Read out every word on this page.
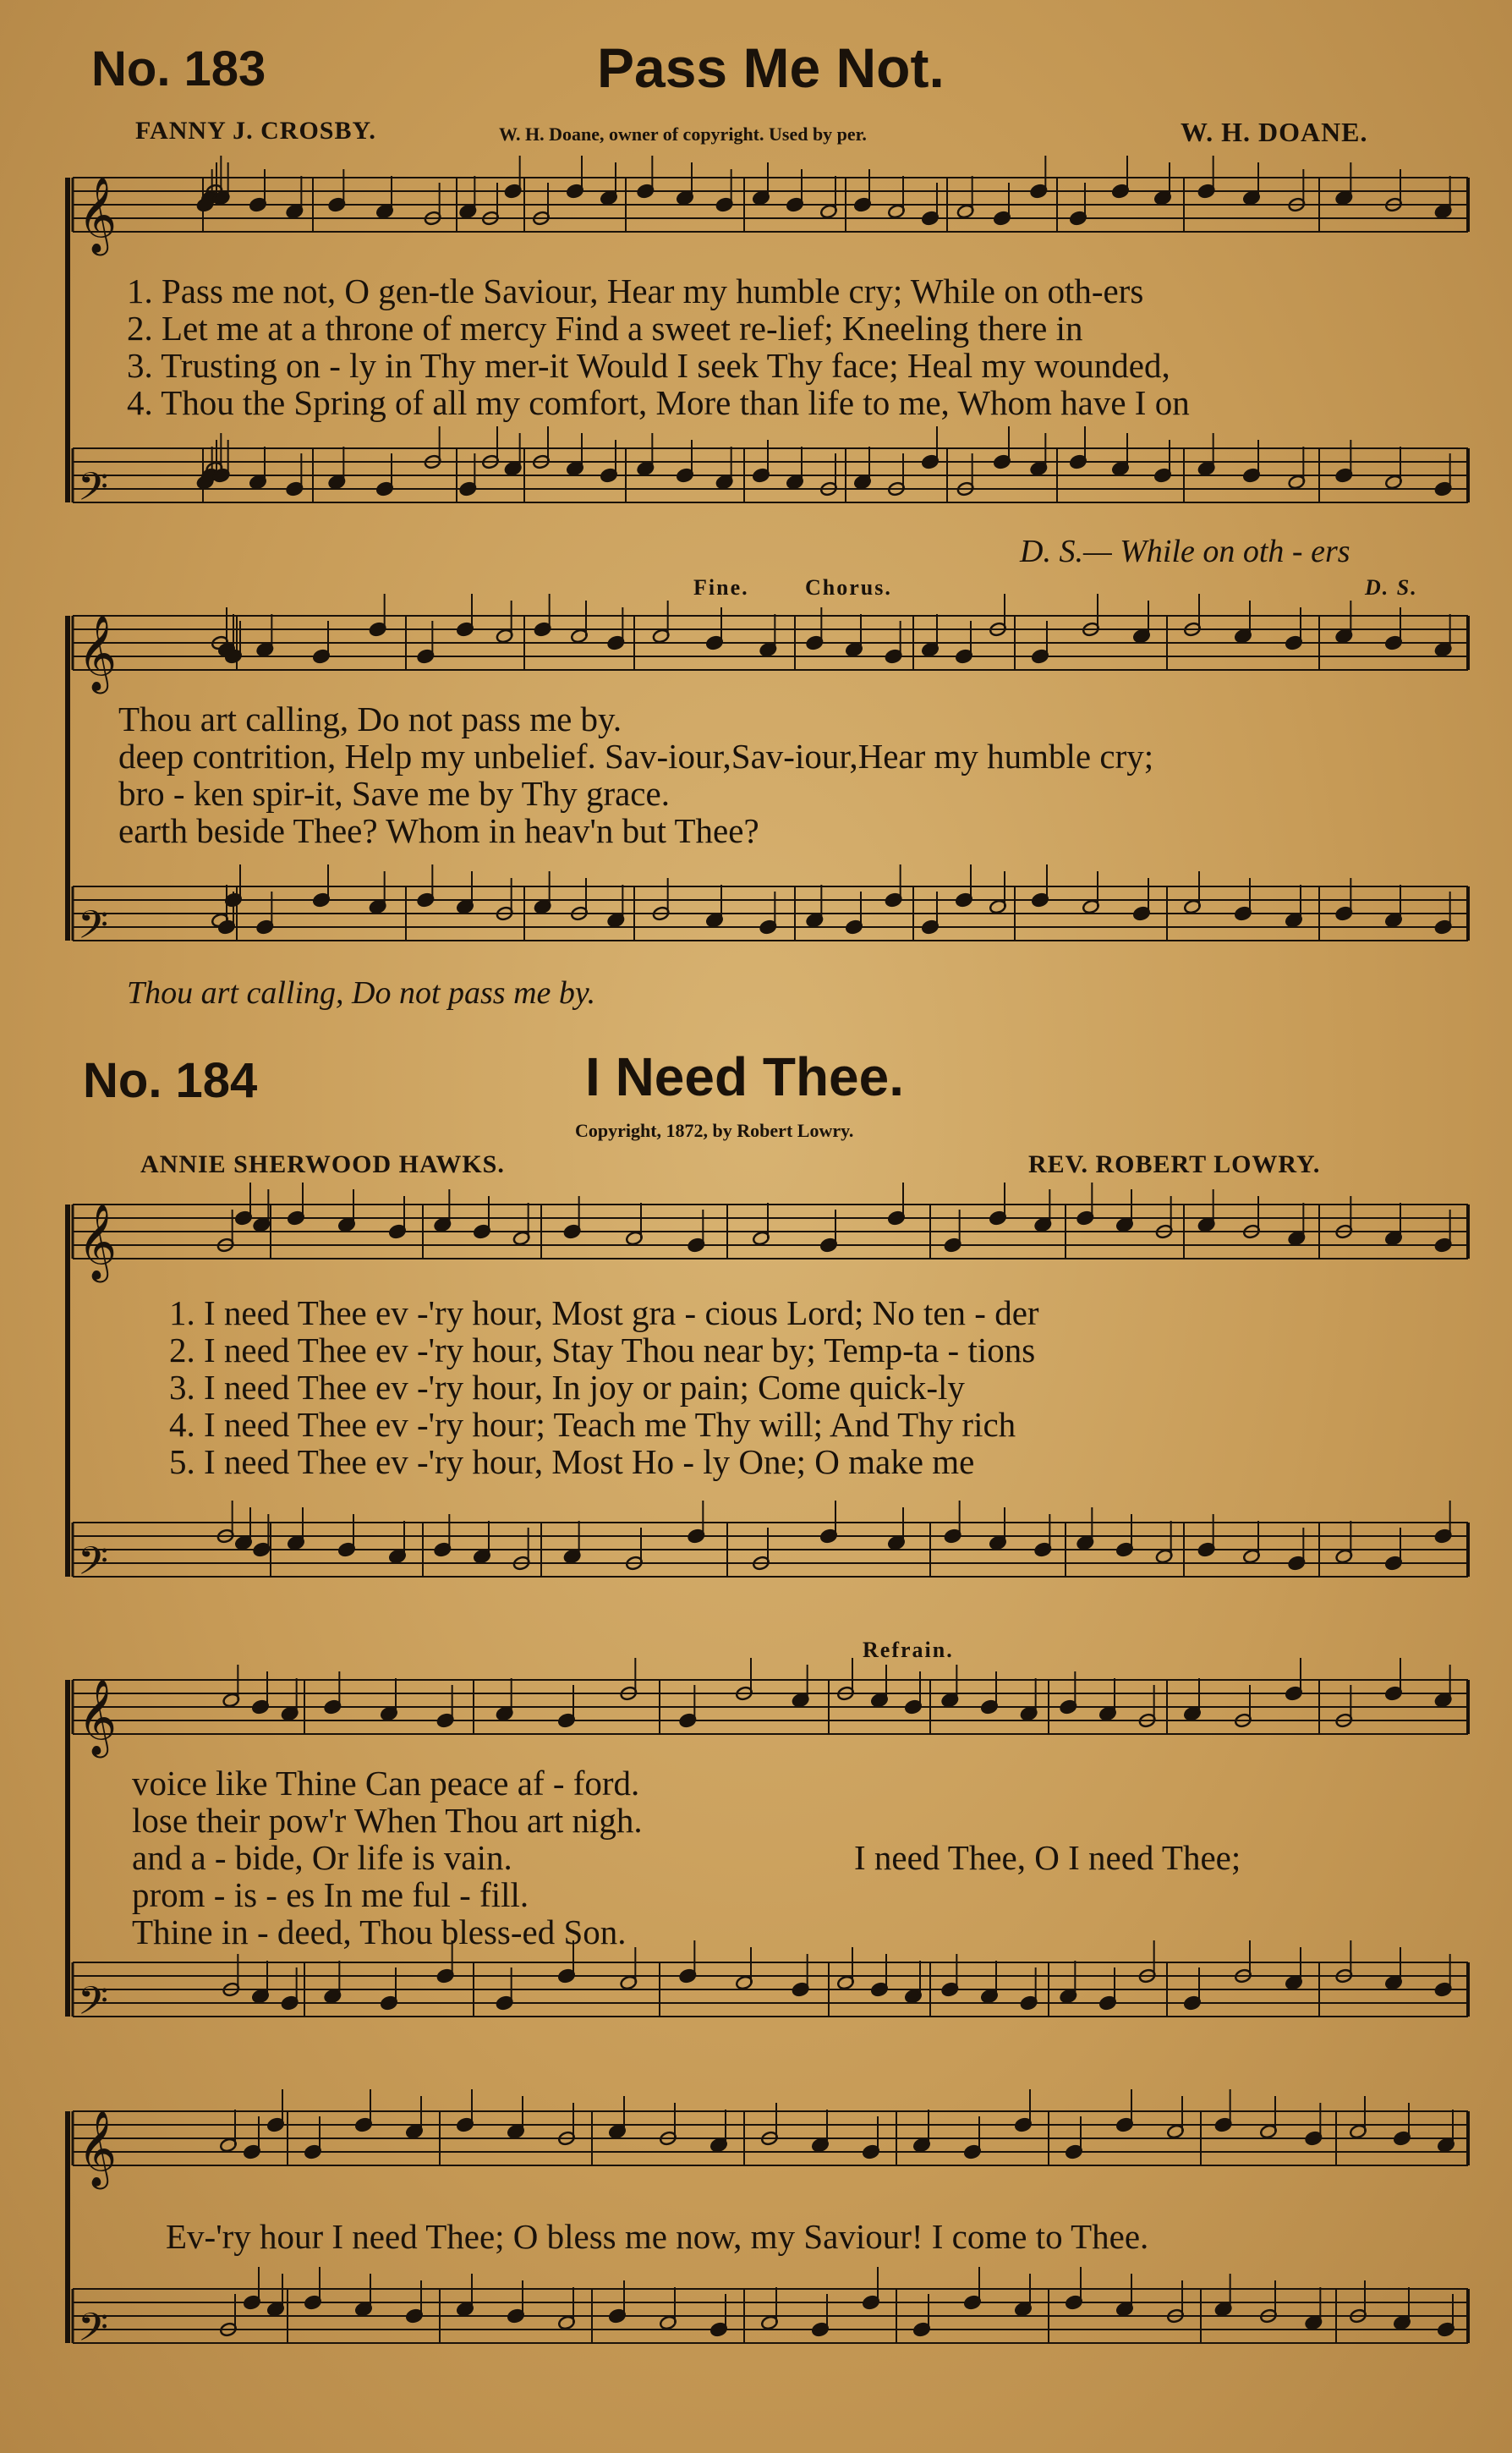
No. 183	Pass Me Not.
FANNY J. CROSBY.	W. H. Doane, owner of copyright. Used by per.	W. H. DOANE.
1. Pass me not, O gen-tle Saviour, Hear my humble cry; While on oth-ers
2. Let me at a throne of mercy Find a sweet re-lief; Kneeling there in
3. Trusting on - ly in Thy mer-it Would I seek Thy face; Heal my wounded,
4. Thou the Spring of all my comfort, More than life to me, Whom have I on
D. S.— While on oth - ers
Fine.	Chorus.	D. S.
Thou art calling, Do not pass me by.
deep contrition, Help my unbelief. Sav-iour,Sav-iour,Hear my humble cry;
bro - ken spir-it, Save me by Thy grace.
earth beside Thee? Whom in heav'n but Thee?
Thou art calling, Do not pass me by.
No. 184	I Need Thee.
Copyright, 1872, by Robert Lowry.
ANNIE SHERWOOD HAWKS.	REV. ROBERT LOWRY.
1. I need Thee ev -'ry hour, Most gra - cious Lord; No ten - der
2. I need Thee ev -'ry hour, Stay Thou near by; Temp-ta - tions
3. I need Thee ev -'ry hour, In joy or pain; Come quick-ly
4. I need Thee ev -'ry hour; Teach me Thy will; And Thy rich
5. I need Thee ev -'ry hour, Most Ho - ly One; O make me
Refrain.
voice like Thine Can peace af - ford.
lose their pow'r When Thou art nigh.
and a - bide, Or life is vain.
prom - is - es In me ful - fill.
Thine in - deed, Thou bless-ed Son.
I need Thee, O I need Thee;
Ev-'ry hour I need Thee; O bless me now, my Saviour! I come to Thee.
𝄞
𝄢
𝄞
𝄢
𝄞
𝄢
𝄞
𝄢
𝄞
𝄢
